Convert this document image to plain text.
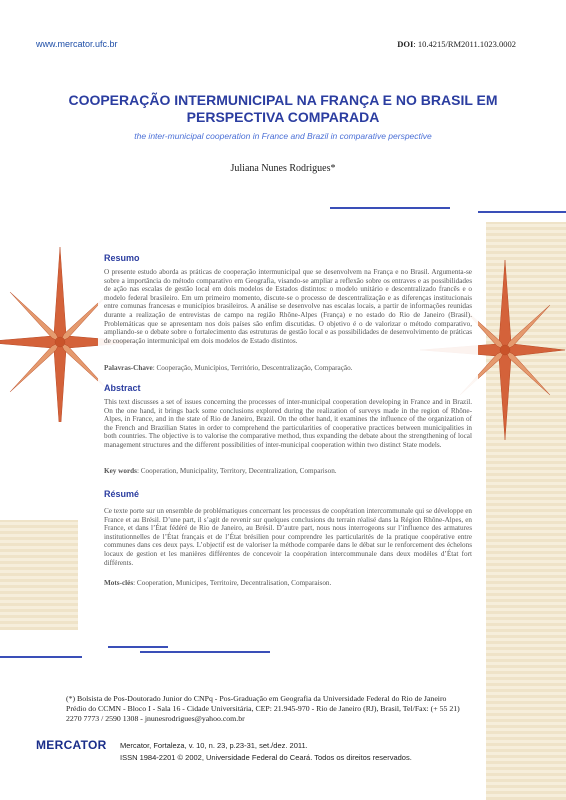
www.mercator.ufc.br	DOI: 10.4215/RM2011.1023.0002
COOPERAÇÃO INTERMUNICIPAL NA FRANÇA E NO BRASIL EM PERSPECTIVA COMPARADA
the inter-municipal cooperation in France and Brazil in comparative perspective
Juliana Nunes Rodrigues*
Resumo
O presente estudo aborda as práticas de cooperação intermunicipal que se desenvolvem na França e no Brasil. Argumenta-se sobre a importância do método comparativo em Geografia, visando-se ampliar a reflexão sobre os entraves e as possibilidades de ação nas escalas de gestão local em dois modelos de Estados distintos: o modelo unitário e descentralizado francês e o modelo federal brasileiro. Em um primeiro momento, discute-se o processo de descentralização e as diferenças institucionais entre comunas francesas e municípios brasileiros. A análise se desenvolve nas escalas locais, a partir de informações reunidas durante a realização de entrevistas de campo na região Rhône-Alpes (França) e no estado do Rio de Janeiro (Brasil). Problemáticas que se apresentam nos dois países são enfim discutidas. O objetivo é o de valorizar o método comparativo, ampliando-se o debate sobre o fortalecimento das estruturas de gestão local e as possibilidades de desenvolvimento de práticas de cooperação intermunicipal em dois modelos de Estado distintos.
Palavras-Chave: Cooperação, Municípios, Território, Descentralização, Comparação.
Abstract
This text discusses a set of issues concerning the processes of inter-municipal cooperation developing in France and in Brazil. On the one hand, it brings back some conclusions explored during the realization of surveys made in the region of Rhône-Alpes, in France, and in the state of Rio de Janeiro, Brazil. On the other hand, it examines the influence of the organization of the French and Brazilian States in order to comprehend the particularities of cooperative practices between municipalities in both countries. The objective is to valorise the comparative method, thus expanding the debate about the strengthening of local management structures and the different possibilities of inter-municipal cooperation within two distinct State models.
Key words: Cooperation, Municipality, Territory, Decentralization, Comparison.
Résumé
Ce texte porte sur un ensemble de problématiques concernant les processus de coopération intercommunale qui se développe en France et au Brésil. D’une part, il s’agit de revenir sur quelques conclusions du terrain réalisé dans la Région Rhône-Alpes, en France, et dans l’État fédéré de Rio de Janeiro, au Brésil. D’autre part, nous nous interrogeons sur l’influence des armatures institutionnelles de l’État français et de l’État brésilien pour comprendre les particularités de la pratique coopérative entre communes dans ces deux pays. L’objectif est de valoriser la méthode comparée dans le débat sur le renforcement des échelons locaux de gestion et les manières différentes de concevoir la coopération intercommunale dans deux modèles d’État fort différents.
Mots-clés: Cooperation, Municipes, Territoire, Decentralisation, Comparaison.
(*) Bolsista de Pos-Doutorado Junior do CNPq - Pos-Graduação em Geografia da Universidade Federal do Rio de Janeiro
Prédio do CCMN - Bloco I - Sala 16 - Cidade Universitária, CEP: 21.945-970 - Rio de Janeiro (RJ), Brasil, Tel/Fax: (+ 55 21)
2270 7773 / 2590 1308 - jnunesrodrigues@yahoo.com.br
MERCATOR Mercator, Fortaleza, v. 10, n. 23, p.23-31, set./dez. 2011.
ISSN 1984-2201 © 2002, Universidade Federal do Ceará. Todos os direitos reservados.
